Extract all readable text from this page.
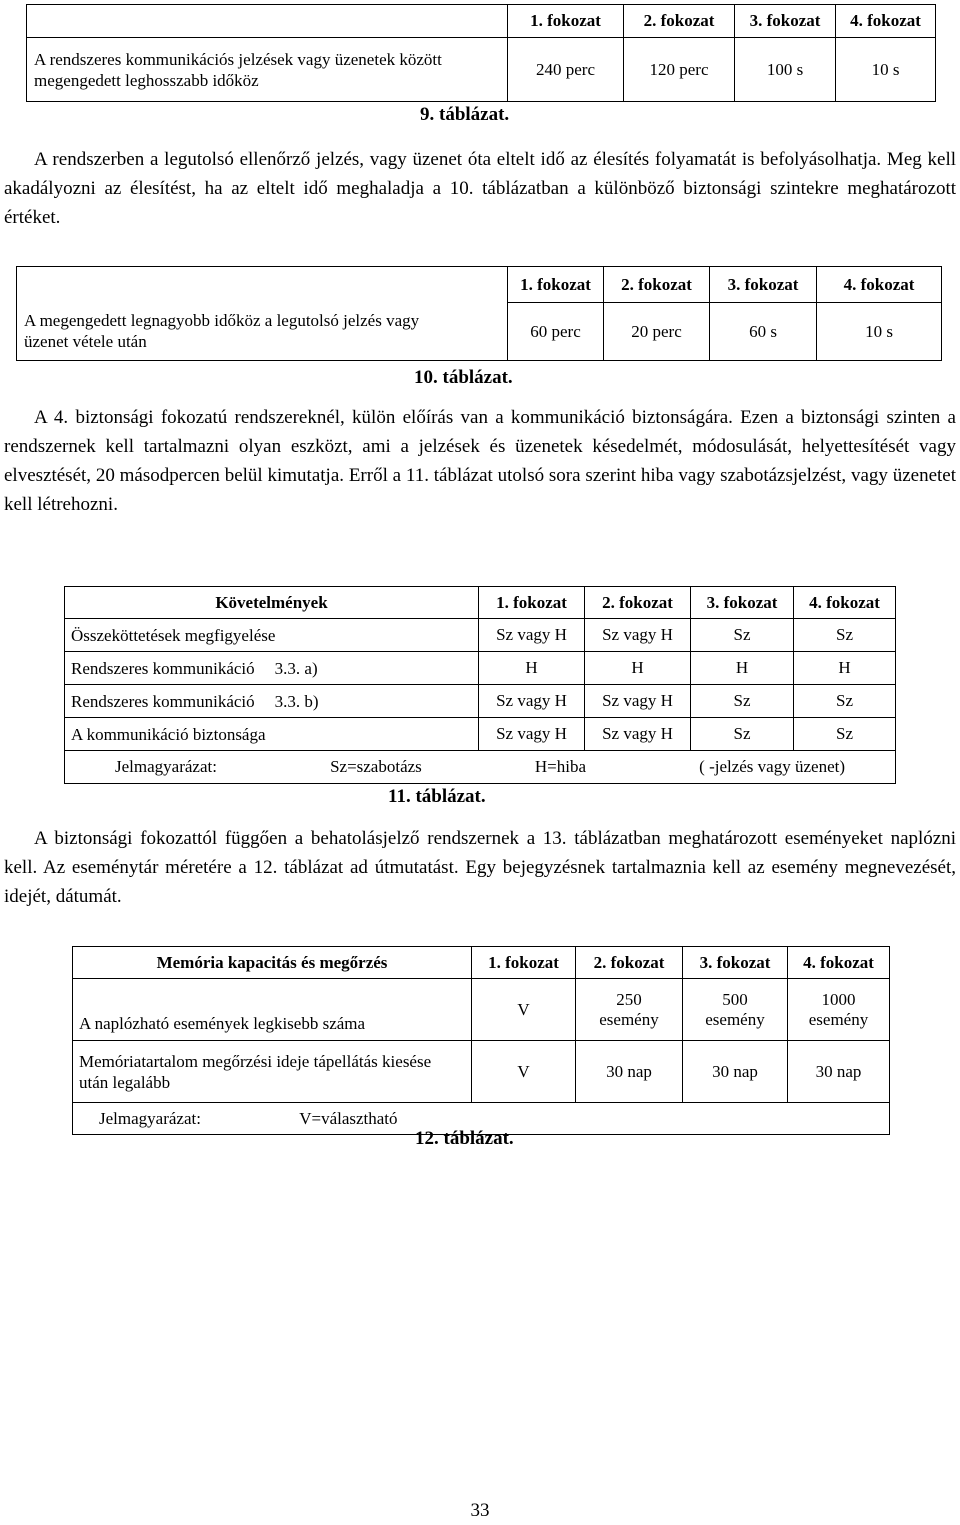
	1. fokozat	2. fokozat	3. fokozat	4. fokozat
A rendszeres kommunikációs jelzések vagy üzenetek között megengedett leghosszabb időköz	240 perc	120 perc	100 s	10 s
9. táblázat.

A rendszerben a legutolsó ellenőrző jelzés, vagy üzenet óta eltelt idő az élesítés folyamatát is befolyásolhatja. Meg kell akadályozni az élesítést, ha az eltelt idő meghaladja a 10. táblázatban a különböző biztonsági szintekre meghatározott értéket.

	1. fokozat	2. fokozat	3. fokozat	4. fokozat
A megengedett legnagyobb időköz a legutolsó jelzés vagy üzenet vétele után	60 perc	20 perc	60 s	10 s
10. táblázat.

A 4. biztonsági fokozatú rendszereknél, külön előírás van a kommunikáció biztonságára. Ezen a biztonsági szinten a rendszernek kell tartalmazni olyan eszközt, ami a jelzések és üzenetek késedelmét, módosulását, helyettesítését vagy elvesztését, 20 másodpercen belül kimutatja. Erről a 11. táblázat utolsó sora szerint hiba vagy szabotázsjelzést, vagy üzenetet kell létrehozni.

Követelmények	1. fokozat	2. fokozat	3. fokozat	4. fokozat
Összeköttetések megfigyelése	Sz vagy H	Sz vagy H	Sz	Sz
Rendszeres kommunikáció 3.3. a)	H	H	H	H
Rendszeres kommunikáció 3.3. b)	Sz vagy H	Sz vagy H	Sz	Sz
A kommunikáció biztonsága	Sz vagy H	Sz vagy H	Sz	Sz

Jelmagyarázat: Sz=szabotázs H=hiba ( -jelzés vagy üzenet)				
11. táblázat.

A biztonsági fokozattól függően a behatolásjelző rendszernek a 13. táblázatban meghatározott eseményeket naplózni kell. Az eseménytár méretére a 12. táblázat ad útmutatást. Egy bejegyzésnek tartalmaznia kell az esemény megnevezését, idejét, dátumát.

Memória kapacitás és megőrzés	1. fokozat	2. fokozat	3. fokozat	4. fokozat
A naplózható események legkisebb száma	V	250 esemény	500 esemény	1000 esemény
Memóriatartalom megőrzési ideje tápellátás kiesése után legalább	V	30 nap	30 nap	30 nap
Jelmagyarázat: V=választható				
12. táblázat.
33
